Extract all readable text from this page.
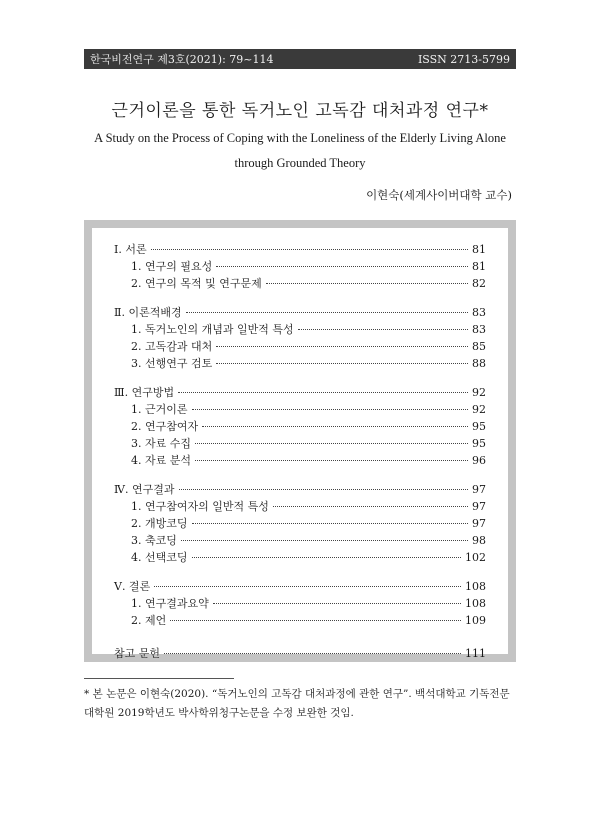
한국비전연구 제3호(2021): 79~114	ISSN 2713-5799
근거이론을 통한 독거노인 고독감 대처과정 연구*
A Study on the Process of Coping with the Loneliness of the Elderly Living Alone through Grounded Theory
이현숙(세계사이버대학 교수)
Ⅰ. 서론	81
1. 연구의 필요성	81
2. 연구의 목적 및 연구문제	82
Ⅱ. 이론적배경	83
1. 독거노인의 개념과 일반적 특성	83
2. 고독감과 대처	85
3. 선행연구 검토	88
Ⅲ. 연구방법	92
1. 근거이론	92
2. 연구참여자	95
3. 자료 수집	95
4. 자료 분석	96
Ⅳ. 연구결과	97
1. 연구참여자의 일반적 특성	97
2. 개방코딩	97
3. 축코딩	98
4. 선택코딩	102
Ⅴ. 결론	108
1. 연구결과요약	108
2. 제언	109
참고 문헌	111
* 본 논문은 이현숙(2020). “독거노인의 고독감 대처과정에 관한 연구”. 백석대학교 기독전문대학원 2019학년도 박사학위청구논문을 수정 보완한 것임.
